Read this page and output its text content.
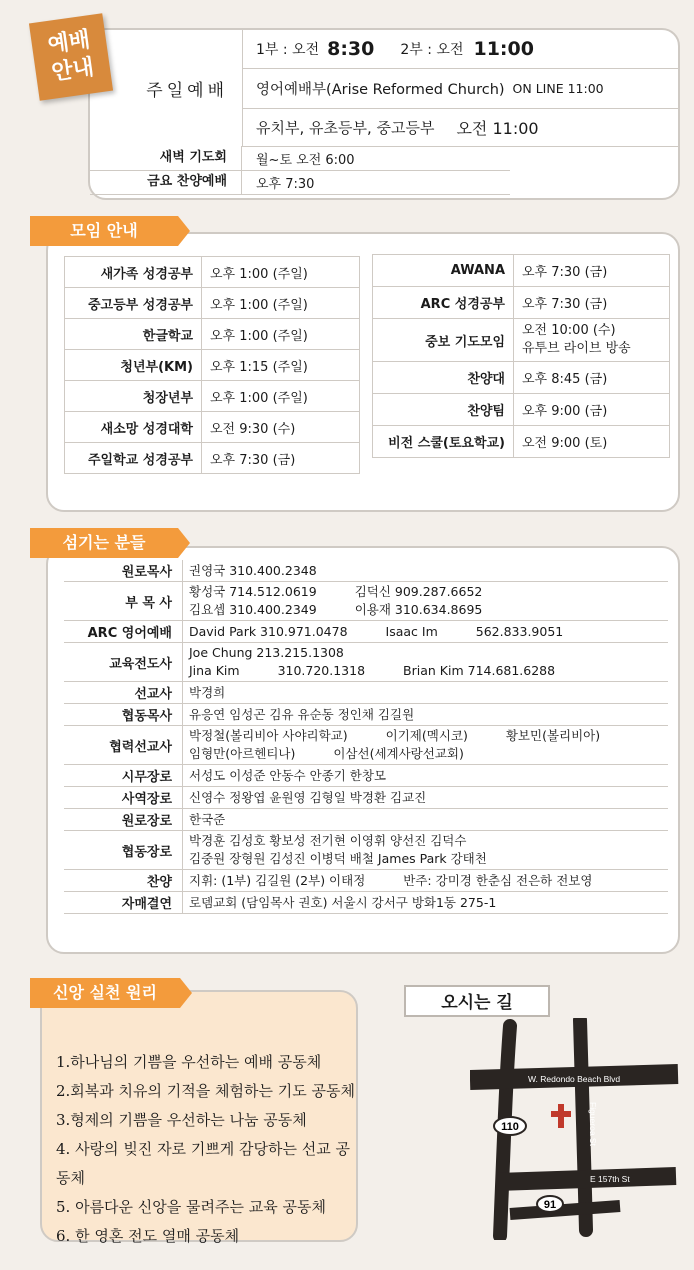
예배
안내
1부 : 오전 8:30 2부 : 오전 11:00
주일예배	영어예배부(Arise Reformed Church) ON LINE 11:00
유치부, 유초등부, 중고등부 오전 11:00
새벽 기도회	월~토 오전 6:00
금요 찬양예배	오후 7:30
모임 안내
새가족 성경공부	오후 1:00 (주일)
중고등부 성경공부	오후 1:00 (주일)
한글학교	오후 1:00 (주일)
청년부(KM)	오후 1:15 (주일)
청장년부	오후 1:00 (주일)
새소망 성경대학	오전 9:30 (수)
주일학교 성경공부	오후 7:30 (금)
AWANA	오후 7:30 (금)
ARC 성경공부	오후 7:30 (금)
중보 기도모임	오전 10:00 (수)
유투브 라이브 방송

찬양대	오후 8:45 (금)
찬양팀	오후 9:00 (금)
비전 스쿨(토요학교)	오전 9:00 (토)
섬기는 분들
원로목사	권영국 310.400.2348

부 목 사	황성국 714.512.0619 김덕신 909.287.6652
김요셉 310.400.2349 이용재 310.634.8695

ARC 영어예배	David Park 310.971.0478 Isaac Im 562.833.9051

교육전도사	Joe Chung 213.215.1308
Jina Kim 310.720.1318 Brian Kim 714.681.6288

선교사	박경희

협동목사	유응연 임성곤 김유 유순동 정인채 김길원

협력선교사	박정철(볼리비아 사야리학교) 이기제(멕시코) 황보민(볼리비아)
임형만(아르헨티나) 이삼선(세계사랑선교회)

시무장로	서성도 이성준 안동수 안종기 한창모

사역장로	신영수 정왕엽 윤원영 김형일 박경환 김교진

원로장로	한국준

협동장로	박경훈 김성호 황보성 전기현 이영휘 양선진 김덕수
김중원 장형원 김성진 이병덕 배철 James Park 강태천

찬양	지휘: (1부) 김길원 (2부) 이태정 반주: 강미경 한춘심 전은하 전보영

자매결연	로뎀교회 (담임목사 권호) 서울시 강서구 방화1동 275-1
1.하나님의 기쁨을 우선하는 예배 공동체
2.회복과 치유의 기적을 체험하는 기도 공동체
3.형제의 기쁨을 우선하는 나눔 공동체
4. 사랑의 빚진 자로 기쁘게 감당하는 선교 공동체
5. 아름다운 신앙을 물려주는 교육 공동체
6. 한 영혼 전도 열매 공동체
신앙 실천 원리
오시는 길
W. Redondo Beach Blvd
Figueroa St
E 157th St
110
91
